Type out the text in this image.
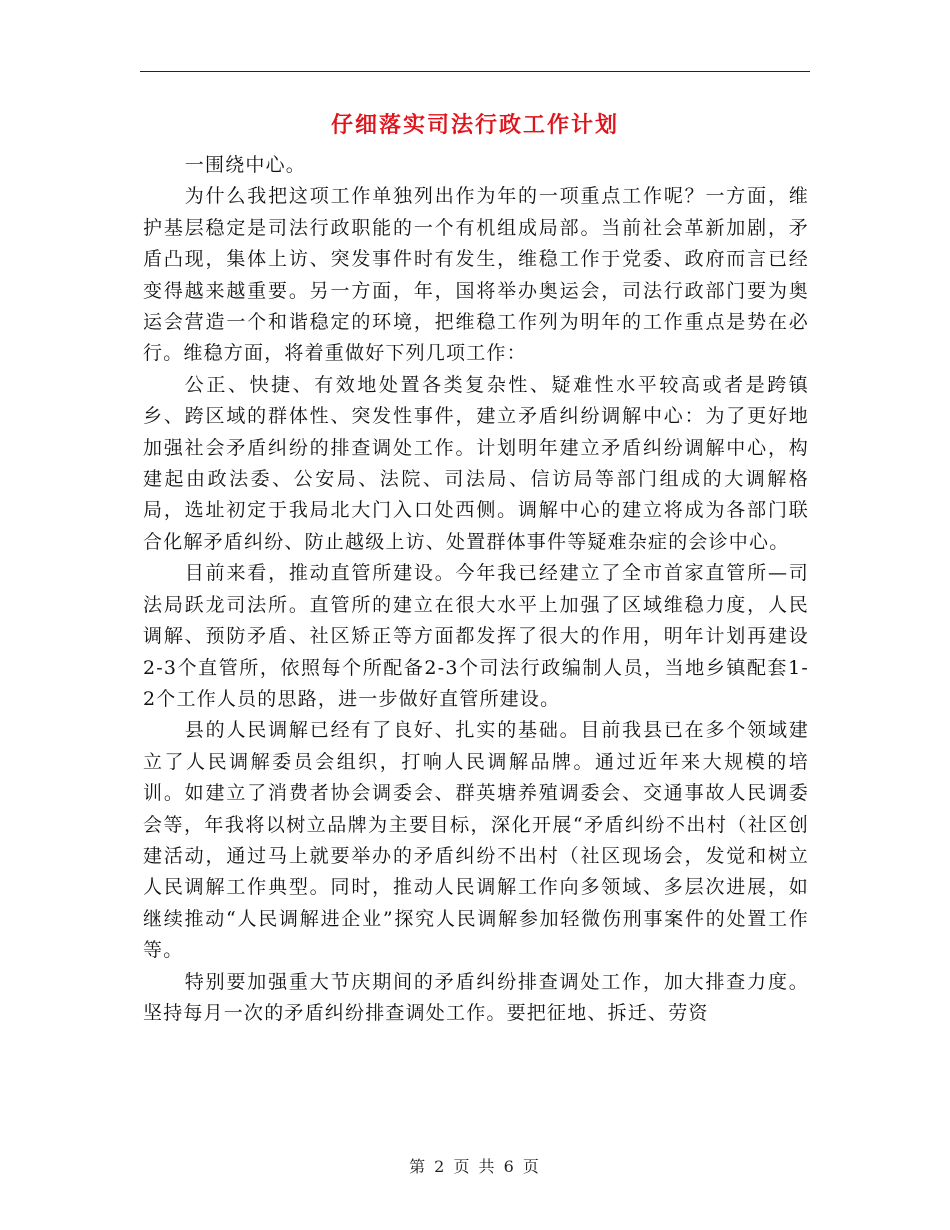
仔细落实司法行政工作计划

一围绕中心。

为什么我把这项工作单独列出作为年的一项重点工作呢？一方面，维护基层稳定是司法行政职能的一个有机组成局部。当前社会革新加剧，矛盾凸现，集体上访、突发事件时有发生，维稳工作于党委、政府而言已经变得越来越重要。另一方面，年，国将举办奥运会，司法行政部门要为奥运会营造一个和谐稳定的环境，把维稳工作列为明年的工作重点是势在必行。维稳方面，将着重做好下列几项工作：

公正、快捷、有效地处置各类复杂性、疑难性水平较高或者是跨镇乡、跨区域的群体性、突发性事件，建立矛盾纠纷调解中心：为了更好地加强社会矛盾纠纷的排查调处工作。计划明年建立矛盾纠纷调解中心，构建起由政法委、公安局、法院、司法局、信访局等部门组成的大调解格局，选址初定于我局北大门入口处西侧。调解中心的建立将成为各部门联合化解矛盾纠纷、防止越级上访、处置群体事件等疑难杂症的会诊中心。

目前来看，推动直管所建设。今年我已经建立了全市首家直管所—司法局跃龙司法所。直管所的建立在很大水平上加强了区域维稳力度，人民调解、预防矛盾、社区矫正等方面都发挥了很大的作用，明年计划再建设2-3个直管所，依照每个所配备2-3个司法行政编制人员，当地乡镇配套1-2个工作人员的思路，进一步做好直管所建设。

县的人民调解已经有了良好、扎实的基础。目前我县已在多个领域建立了人民调解委员会组织，打响人民调解品牌。通过近年来大规模的培训。如建立了消费者协会调委会、群英塘养殖调委会、交通事故人民调委会等，年我将以树立品牌为主要目标，深化开展“矛盾纠纷不出村（社区创建活动，通过马上就要举办的矛盾纠纷不出村（社区现场会，发觉和树立人民调解工作典型。同时，推动人民调解工作向多领域、多层次进展，如继续推动“人民调解进企业”探究人民调解参加轻微伤刑事案件的处置工作等。

特别要加强重大节庆期间的矛盾纠纷排查调处工作，加大排查力度。坚持每月一次的矛盾纠纷排查调处工作。要把征地、拆迁、劳资

第 2 页 共 6 页
